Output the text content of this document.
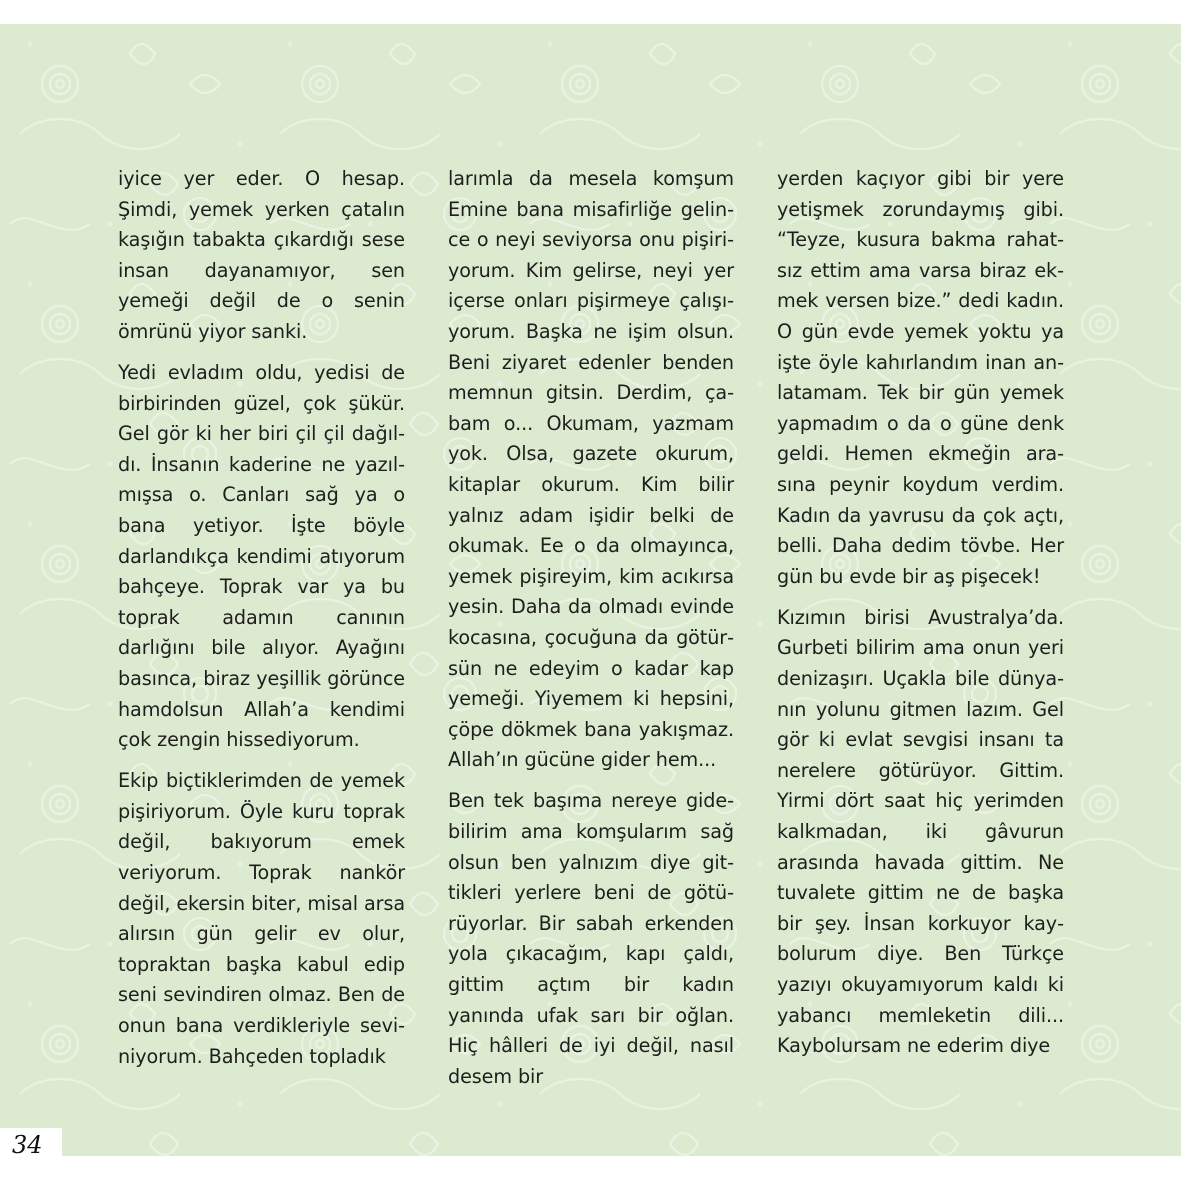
iyice yer eder. O hesap. Şimdi, yemek yerken çatalın kaşığın tabakta çıkardığı sese insan dayanamıyor, sen yemeği değil de o senin ömrünü yiyor sanki.

Yedi evladım oldu, yedisi de birbirinden güzel, çok şükür. Gel gör ki her biri çil çil dağıldı. İnsanın kaderine ne yazılmışsa o. Canları sağ ya o bana yetiyor. İşte böyle darlandıkça kendimi atıyorum bahçeye. Toprak var ya bu toprak adamın canının darlığını bile alıyor. Ayağını basınca, biraz yeşillik görünce hamdolsun Allah’a kendimi çok zengin hissediyorum.

Ekip biçtiklerimden de yemek pişiriyorum. Öyle kuru toprak değil, bakıyorum emek veriyorum. Toprak nankör değil, ekersin biter, misal arsa alırsın gün gelir ev olur, topraktan başka kabul edip seni sevindiren olmaz. Ben de onun bana verdikleriyle seviniyorum. Bahçeden topladık

larımla da mesela komşum Emine bana misafirliğe gelince o neyi seviyorsa onu pişiriyorum. Kim gelirse, neyi yer içerse onları pişirmeye çalışıyorum. Başka ne işim olsun. Beni ziyaret edenler benden memnun gitsin. Derdim, çabam o... Okumam, yazmam yok. Olsa, gazete okurum, kitaplar okurum. Kim bilir yalnız adam işidir belki de okumak. Ee o da olmayınca, yemek pişireyim, kim acıkırsa yesin. Daha da olmadı evinde kocasına, çocuğuna da götürsün ne edeyim o kadar kap yemeği. Yiyemem ki hepsini, çöpe dökmek bana yakışmaz. Allah’ın gücüne gider hem...

Ben tek başıma nereye gidebilirim ama komşularım sağ olsun ben yalnızım diye gittikleri yerlere beni de götürüyorlar. Bir sabah erkenden yola çıkacağım, kapı çaldı, gittim açtım bir kadın yanında ufak sarı bir oğlan. Hiç hâlleri de iyi değil, nasıl desem bir

yerden kaçıyor gibi bir yere yetişmek zorundaymış gibi. “Teyze, kusura bakma rahatsız ettim ama varsa biraz ekmek versen bize.” dedi kadın. O gün evde yemek yoktu ya işte öyle kahırlandım inan anlatamam. Tek bir gün yemek yapmadım o da o güne denk geldi. Hemen ekmeğin arasına peynir koydum verdim. Kadın da yavrusu da çok açtı, belli. Daha dedim tövbe. Her gün bu evde bir aş pişecek!

Kızımın birisi Avustralya’da. Gurbeti bilirim ama onun yeri denizaşırı. Uçakla bile dünyanın yolunu gitmen lazım. Gel gör ki evlat sevgisi insanı ta nerelere götürüyor. Gittim. Yirmi dört saat hiç yerimden kalkmadan, iki gâvurun arasında havada gittim. Ne tuvalete gittim ne de başka bir şey. İnsan korkuyor kaybolurum diye. Ben Türkçe yazıyı okuyamıyorum kaldı ki yabancı memleketin dili... Kaybolursam ne ederim diye

34
